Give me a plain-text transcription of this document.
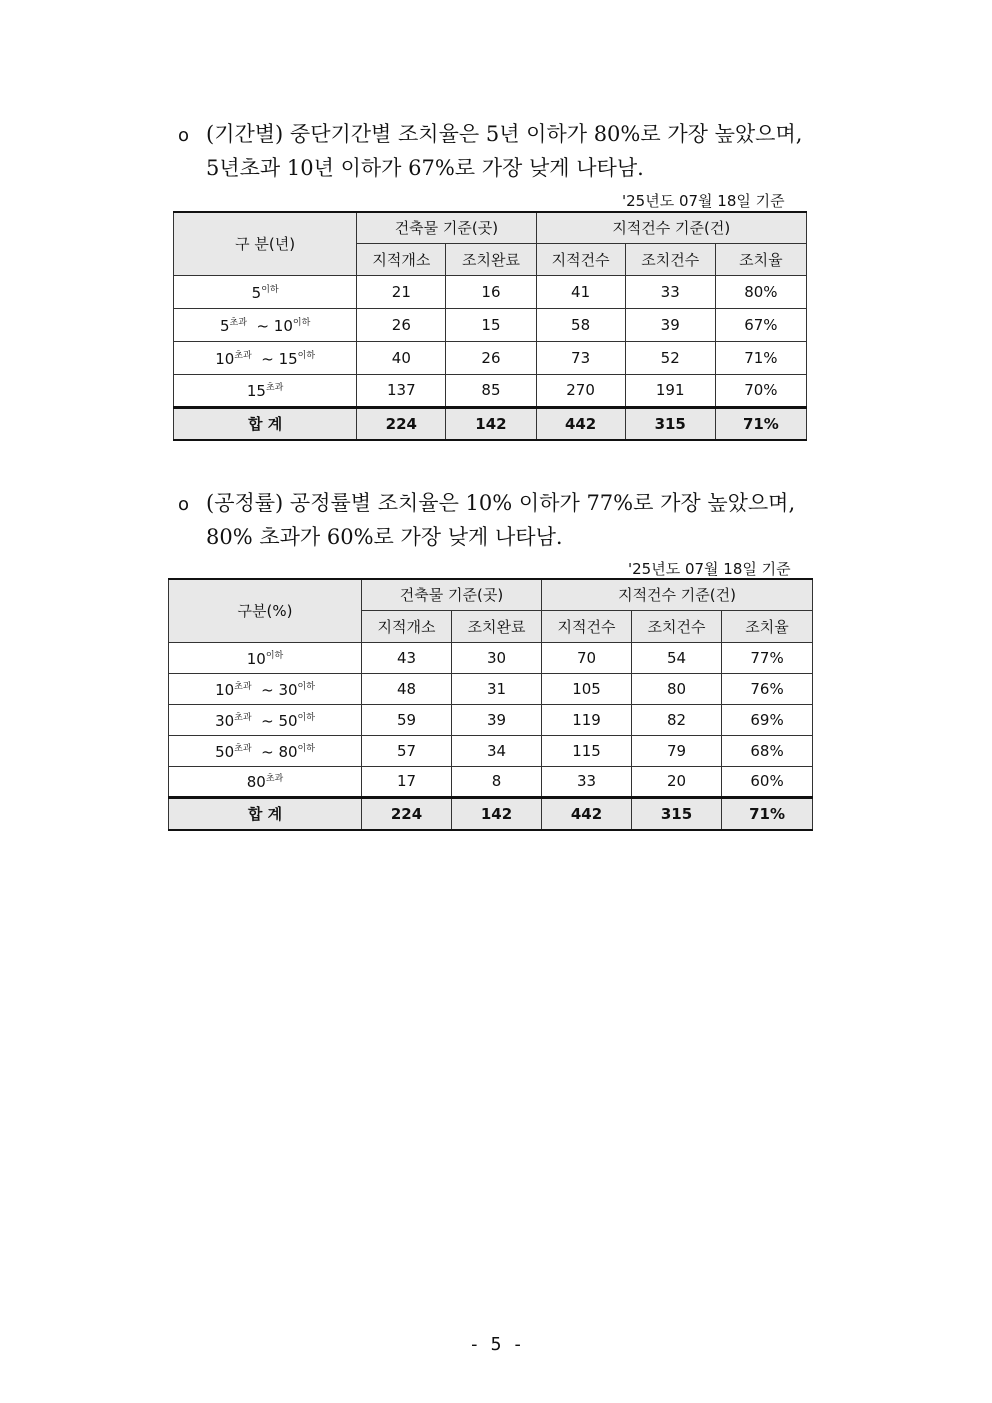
o (기간별) 중단기간별 조치율은 5년 이하가 80%로 가장 높았으며,
5년초과 10년 이하가 67%로 가장 낮게 나타남.
'25년도 07월 18일 기준
구 분(년)	건축물 기준(곳)		지적건수 기준(건)		
	지적개소	조치완료	지적건수	조치건수	조치율
$5^{이하}$	21	16	41	33	80%
$5^{초과}$  ~ $10^{이하}$	26	15	58	39	67%
$10^{초과}$  ~ $15^{이하}$	40	26	73	52	71%
$15^{초과}$	137	85	270	191	70%
합 계	224	142	442	315	71%
o (공정률) 공정률별 조치율은 10% 이하가 77%로 가장 높았으며,
80% 초과가 60%로 가장 낮게 나타남.
'25년도 07월 18일 기준
구분(%)	건축물 기준(곳)		지적건수 기준(건)		
	지적개소	조치완료	지적건수	조치건수	조치율
$10^{이하}$	43	30	70	54	77%
$10^{초과}$  ~ $30^{이하}$	48	31	105	80	76%
$30^{초과}$  ~ $50^{이하}$	59	39	119	82	69%
$50^{초과}$  ~ $80^{이하}$	57	34	115	79	68%
$80^{초과}$	17	8	33	20	60%
합 계	224	142	442	315	71%
- 5 -
